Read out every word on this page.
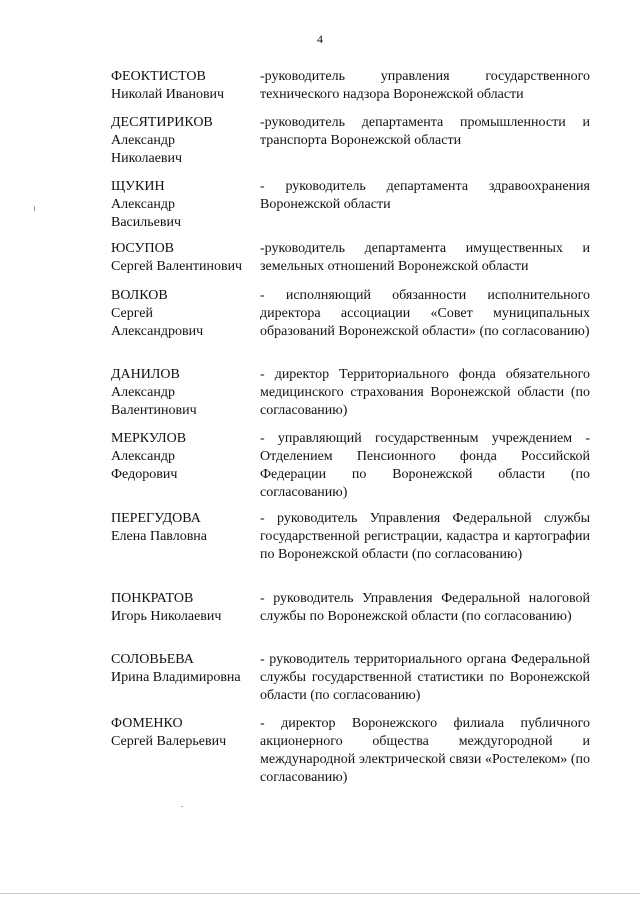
4
ФЕОКТИСТОВ
Николай Иванович
-руководитель управления государственного технического надзора Воронежской области
ДЕСЯТИРИКОВ
Александр
Николаевич
-руководитель департамента промышленности и транспорта Воронежской области
ЩУКИН
Александр
Васильевич
- руководитель департамента здравоохранения Воронежской области
ЮСУПОВ
Сергей Валентинович
-руководитель департамента имущественных и земельных отношений Воронежской области
ВОЛКОВ
Сергей
Александрович
- исполняющий обязанности исполнительного директора ассоциации «Совет муниципальных образований Воронежской области» (по согласованию)
ДАНИЛОВ
Александр
Валентинович
- директор Территориального фонда обязательного медицинского страхования Воронежской области (по согласованию)
МЕРКУЛОВ
Александр
Федорович
- управляющий государственным учреждением - Отделением Пенсионного фонда Российской Федерации по Воронежской области (по согласованию)
ПЕРЕГУДОВА
Елена Павловна
- руководитель Управления Федеральной службы государственной регистрации, кадастра и картографии по Воронежской области (по согласованию)
ПОНКРАТОВ
Игорь Николаевич
- руководитель Управления Федеральной налоговой службы по Воронежской области (по согласованию)
СОЛОВЬЕВА
Ирина Владимировна
- руководитель территориального органа Федеральной службы государственной статистики по Воронежской области (по согласованию)
ФОМЕНКО
Сергей Валерьевич
- директор Воронежского филиала публичного акционерного общества междугородной и международной электрической связи «Ростелеком» (по согласованию)
